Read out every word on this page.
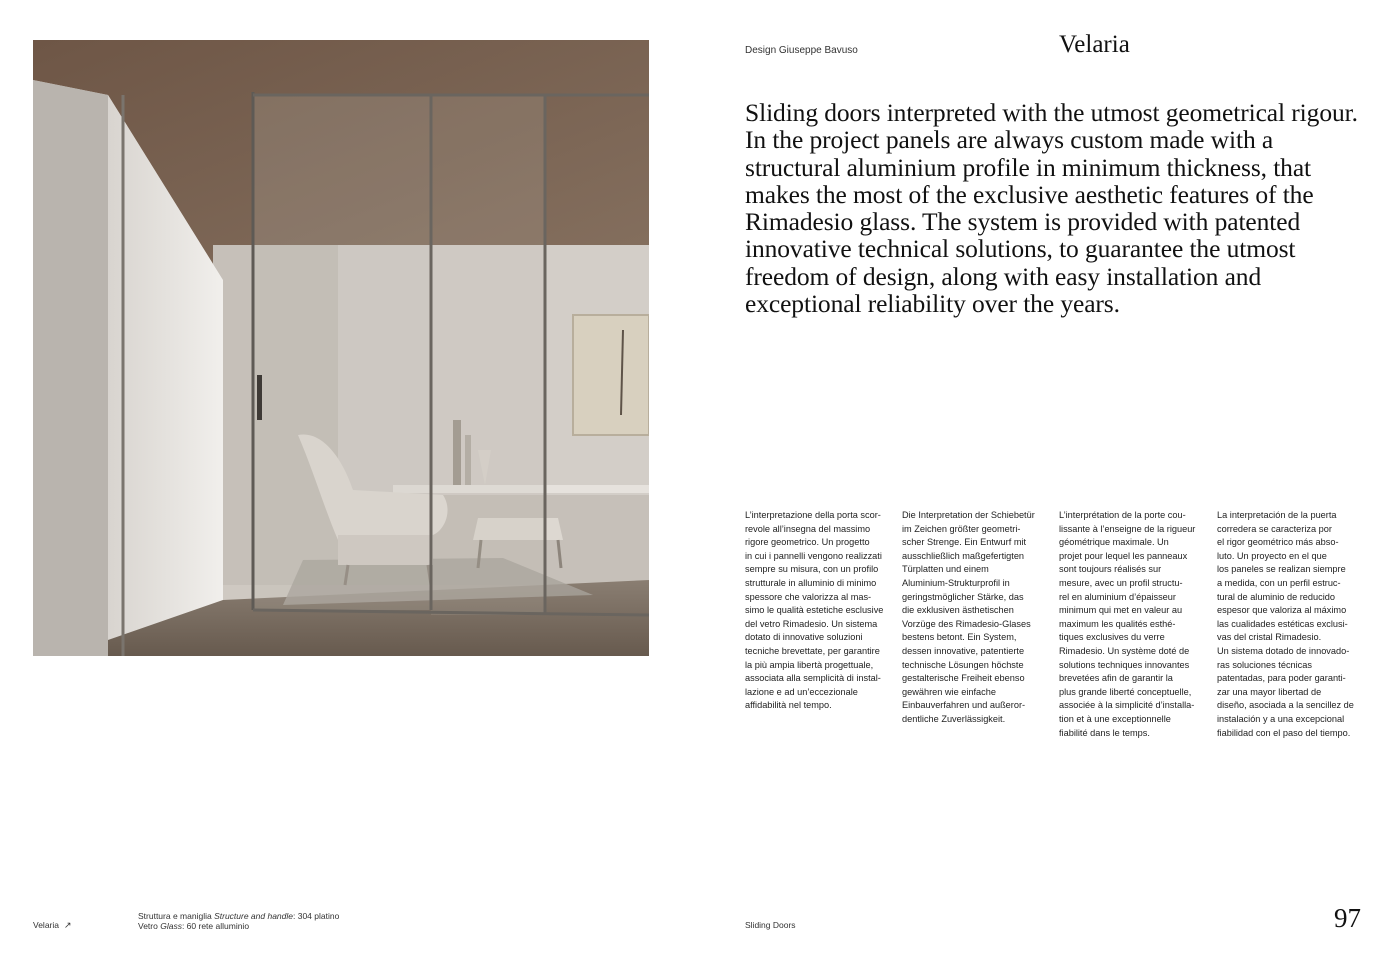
Design Giuseppe Bavuso	Velaria

Sliding doors interpreted with the utmost geometrical rigour. In the project panels are always custom made with a structural aluminium profile in minimum thickness, that makes the most of the exclusive aesthetic features of the Rimadesio glass. The system is provided with patented innovative technical solutions, to guarantee the utmost freedom of design, along with easy installation and exceptional reliability over the years.

L’interpretazione della porta scor-
revole all’insegna del massimo
rigore geometrico. Un progetto
in cui i pannelli vengono realizzati
sempre su misura, con un profilo
strutturale in alluminio di minimo
spessore che valorizza al mas-
simo le qualità estetiche esclusive
del vetro Rimadesio. Un sistema
dotato di innovative soluzioni
tecniche brevettate, per garantire
la più ampia libertà progettuale,
associata alla semplicità di instal-
lazione e ad un’eccezionale
affidabilità nel tempo.

Die Interpretation der Schiebetür
im Zeichen größter geometri-
scher Strenge. Ein Entwurf mit
ausschließlich maßgefertigten
Türplatten und einem
Aluminium-Strukturprofil in
geringstmöglicher Stärke, das
die exklusiven ästhetischen
Vorzüge des Rimadesio-Glases
bestens betont. Ein System,
dessen innovative, patentierte
technische Lösungen höchste
gestalterische Freiheit ebenso
gewähren wie einfache
Einbauverfahren und außeror-
dentliche Zuverlässigkeit.

L’interprétation de la porte cou-
lissante à l’enseigne de la rigueur
géométrique maximale. Un
projet pour lequel les panneaux
sont toujours réalisés sur
mesure, avec un profil structu-
rel en aluminium d’épaisseur
minimum qui met en valeur au
maximum les qualités esthé-
tiques exclusives du verre
Rimadesio. Un système doté de
solutions techniques innovantes
brevetées afin de garantir la
plus grande liberté conceptuelle,
associée à la simplicité d’installa-
tion et à une exceptionnelle
fiabilité dans le temps.

La interpretación de la puerta
corredera se caracteriza por
el rigor geométrico más abso-
luto. Un proyecto en el que
los paneles se realizan siempre
a medida, con un perfil estruc-
tural de aluminio de reducido
espesor que valoriza al máximo
las cualidades estéticas exclusi-
vas del cristal Rimadesio.
Un sistema dotado de innovado-
ras soluciones técnicas
patentadas, para poder garanti-
zar una mayor libertad de
diseño, asociada a la sencillez de
instalación y a una excepcional
fiabilidad con el paso del tiempo.

Velaria ↗
Struttura e maniglia Structure and handle: 304 platino
Vetro Glass: 60 rete alluminio	Sliding Doors	97
